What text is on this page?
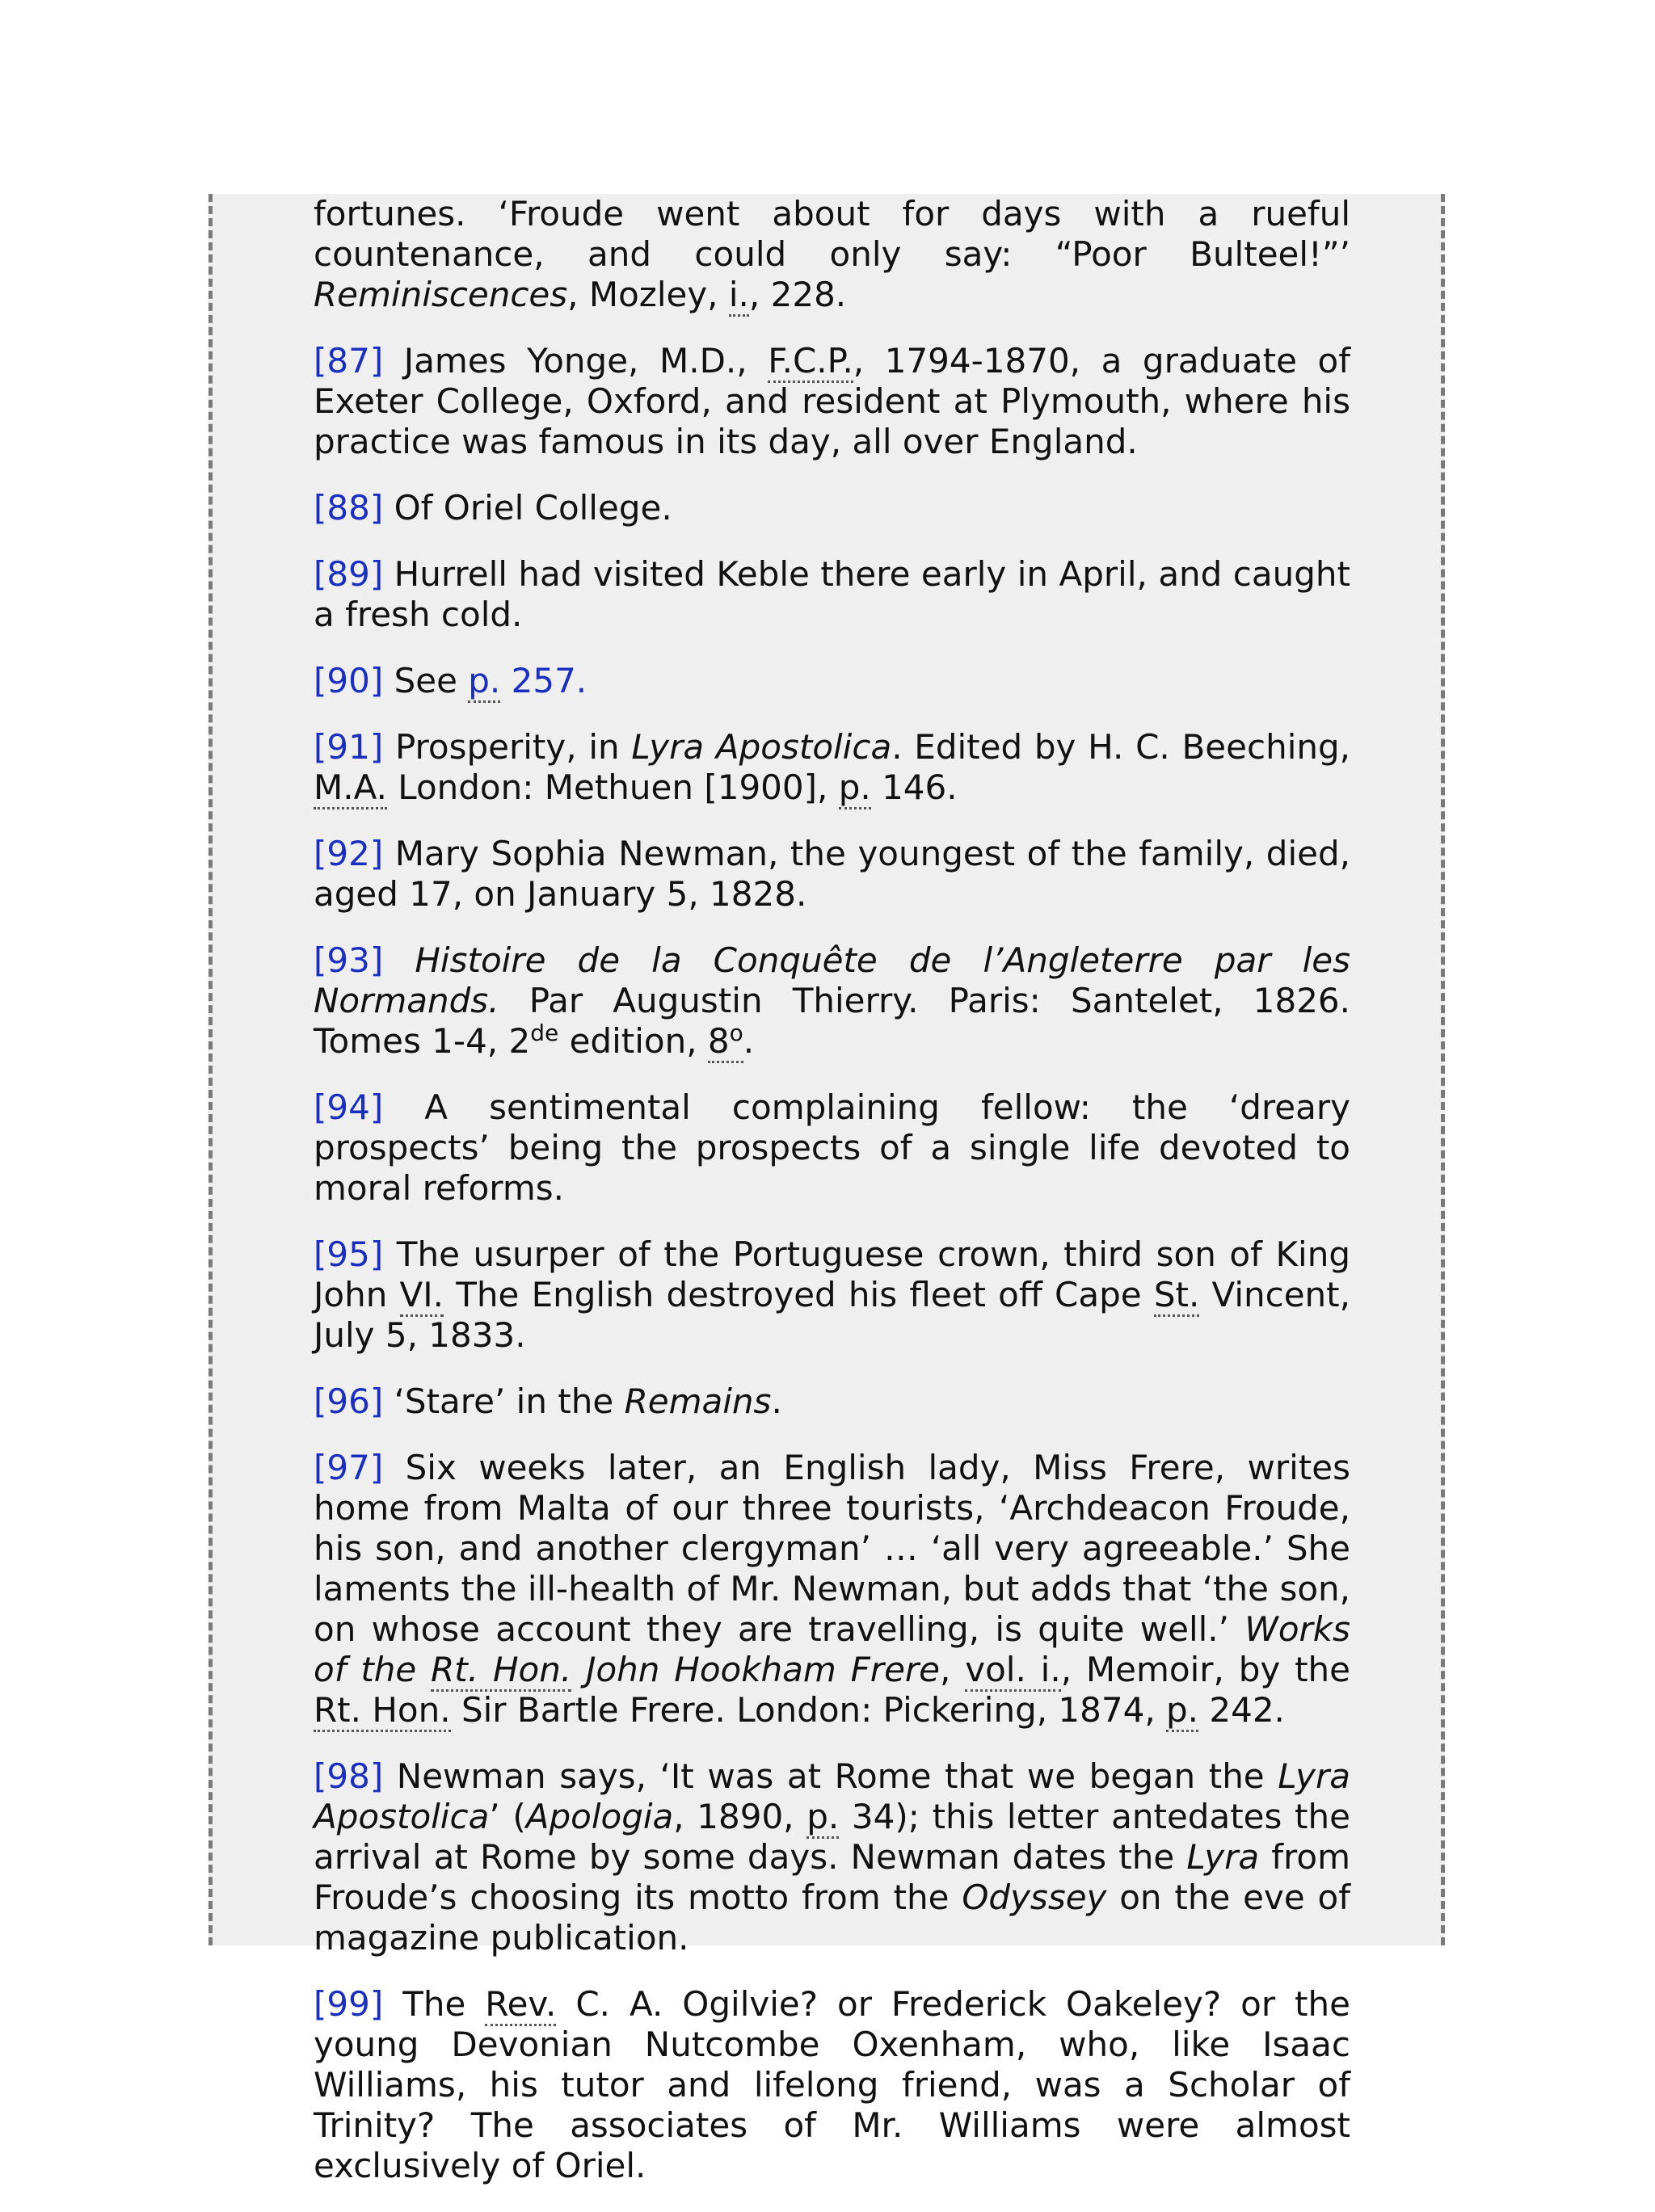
fortunes. ‘Froude went about for days with a rueful countenance, and could only say: “Poor Bulteel!”’ Reminiscences, Mozley, i., 228.

[87] James Yonge, M.D., F.C.P., 1794-1870, a graduate of Exeter College, Oxford, and resident at Plymouth, where his practice was famous in its day, all over England.

[88] Of Oriel College.

[89] Hurrell had visited Keble there early in April, and caught a fresh cold.

[90] See p. 257.

[91] Prosperity, in Lyra Apostolica. Edited by H. C. Beeching, M.A. London: Methuen [1900], p. 146.

[92] Mary Sophia Newman, the youngest of the family, died, aged 17, on January 5, 1828.

[93] Histoire de la Conquête de l’Angleterre par les Normands. Par Augustin Thierry. Paris: Santelet, 1826. Tomes 1-4, 2de edition, 8$^o$.

[94] A sentimental complaining fellow: the ‘dreary prospects’ being the prospects of a single life devoted to moral reforms.

[95] The usurper of the Portuguese crown, third son of King John VI. The English destroyed his fleet off Cape St. Vincent, July 5, 1833.

[96] ‘Stare’ in the Remains.

[97] Six weeks later, an English lady, Miss Frere, writes home from Malta of our three tourists, ‘Archdeacon Froude, his son, and another clergyman’ … ‘all very agreeable.’ She laments the ill-health of Mr. Newman, but adds that ‘the son, on whose account they are travelling, is quite well.’ Works of the Rt. Hon. John Hookham Frere, vol. i., Memoir, by the Rt. Hon. Sir Bartle Frere. London: Pickering, 1874, p. 242.

[98] Newman says, ‘It was at Rome that we began the Lyra Apostolica’ (Apologia, 1890, p. 34); this letter antedates the arrival at Rome by some days. Newman dates the Lyra from Froude’s choosing its motto from the Odyssey on the eve of magazine publication.

[99] The Rev. C. A. Ogilvie? or Frederick Oakeley? or the young Devonian Nutcombe Oxenham, who, like Isaac Williams, his tutor and lifelong friend, was a Scholar of Trinity? The associates of Mr. Williams were almost exclusively of Oriel.
